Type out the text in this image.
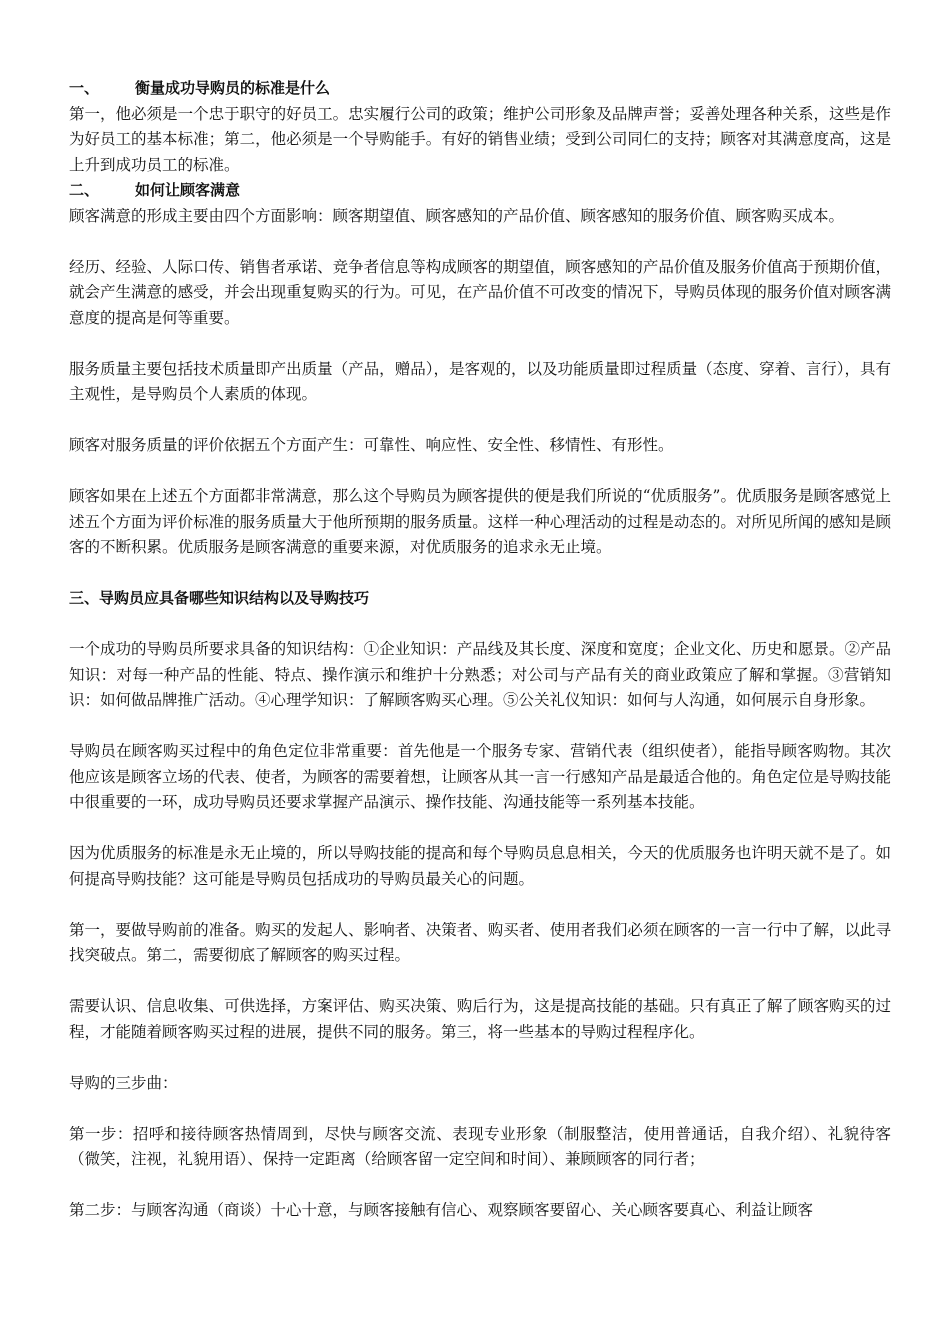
一、	衡量成功导购员的标准是什么

第一，他必须是一个忠于职守的好员工。忠实履行公司的政策；维护公司形象及品牌声誉；妥善处理各种关系，这些是作为好员工的基本标准；第二，他必须是一个导购能手。有好的销售业绩；受到公司同仁的支持；顾客对其满意度高，这是上升到成功员工的标准。

二、	如何让顾客满意

顾客满意的形成主要由四个方面影响：顾客期望值、顾客感知的产品价值、顾客感知的服务价值、顾客购买成本。

经历、经验、人际口传、销售者承诺、竞争者信息等构成顾客的期望值，顾客感知的产品价值及服务价值高于预期价值，就会产生满意的感受，并会出现重复购买的行为。可见，在产品价值不可改变的情况下，导购员体现的服务价值对顾客满意度的提高是何等重要。

服务质量主要包括技术质量即产出质量（产品，赠品），是客观的，以及功能质量即过程质量（态度、穿着、言行），具有主观性，是导购员个人素质的体现。

顾客对服务质量的评价依据五个方面产生：可靠性、响应性、安全性、移情性、有形性。

顾客如果在上述五个方面都非常满意，那么这个导购员为顾客提供的便是我们所说的“优质服务”。优质服务是顾客感觉上述五个方面为评价标准的服务质量大于他所预期的服务质量。这样一种心理活动的过程是动态的。对所见所闻的感知是顾客的不断积累。优质服务是顾客满意的重要来源，对优质服务的追求永无止境。

三、导购员应具备哪些知识结构以及导购技巧

一个成功的导购员所要求具备的知识结构：①企业知识：产品线及其长度、深度和宽度；企业文化、历史和愿景。②产品知识：对每一种产品的性能、特点、操作演示和维护十分熟悉；对公司与产品有关的商业政策应了解和掌握。③营销知识：如何做品牌推广活动。④心理学知识：了解顾客购买心理。⑤公关礼仪知识：如何与人沟通，如何展示自身形象。

导购员在顾客购买过程中的角色定位非常重要：首先他是一个服务专家、营销代表（组织使者），能指导顾客购物。其次他应该是顾客立场的代表、使者，为顾客的需要着想，让顾客从其一言一行感知产品是最适合他的。角色定位是导购技能中很重要的一环，成功导购员还要求掌握产品演示、操作技能、沟通技能等一系列基本技能。

因为优质服务的标准是永无止境的，所以导购技能的提高和每个导购员息息相关，今天的优质服务也许明天就不是了。如何提高导购技能？这可能是导购员包括成功的导购员最关心的问题。

第一，要做导购前的准备。购买的发起人、影响者、决策者、购买者、使用者我们必须在顾客的一言一行中了解，以此寻找突破点。第二，需要彻底了解顾客的购买过程。

需要认识、信息收集、可供选择，方案评估、购买决策、购后行为，这是提高技能的基础。只有真正了解了顾客购买的过程，才能随着顾客购买过程的进展，提供不同的服务。第三，将一些基本的导购过程程序化。

导购的三步曲：

第一步：招呼和接待顾客热情周到，尽快与顾客交流、表现专业形象（制服整洁，使用普通话，自我介绍）、礼貌待客（微笑，注视，礼貌用语）、保持一定距离（给顾客留一定空间和时间）、兼顾顾客的同行者；

第二步：与顾客沟通（商谈）十心十意，与顾客接触有信心、观察顾客要留心、关心顾客要真心、利益让顾客
